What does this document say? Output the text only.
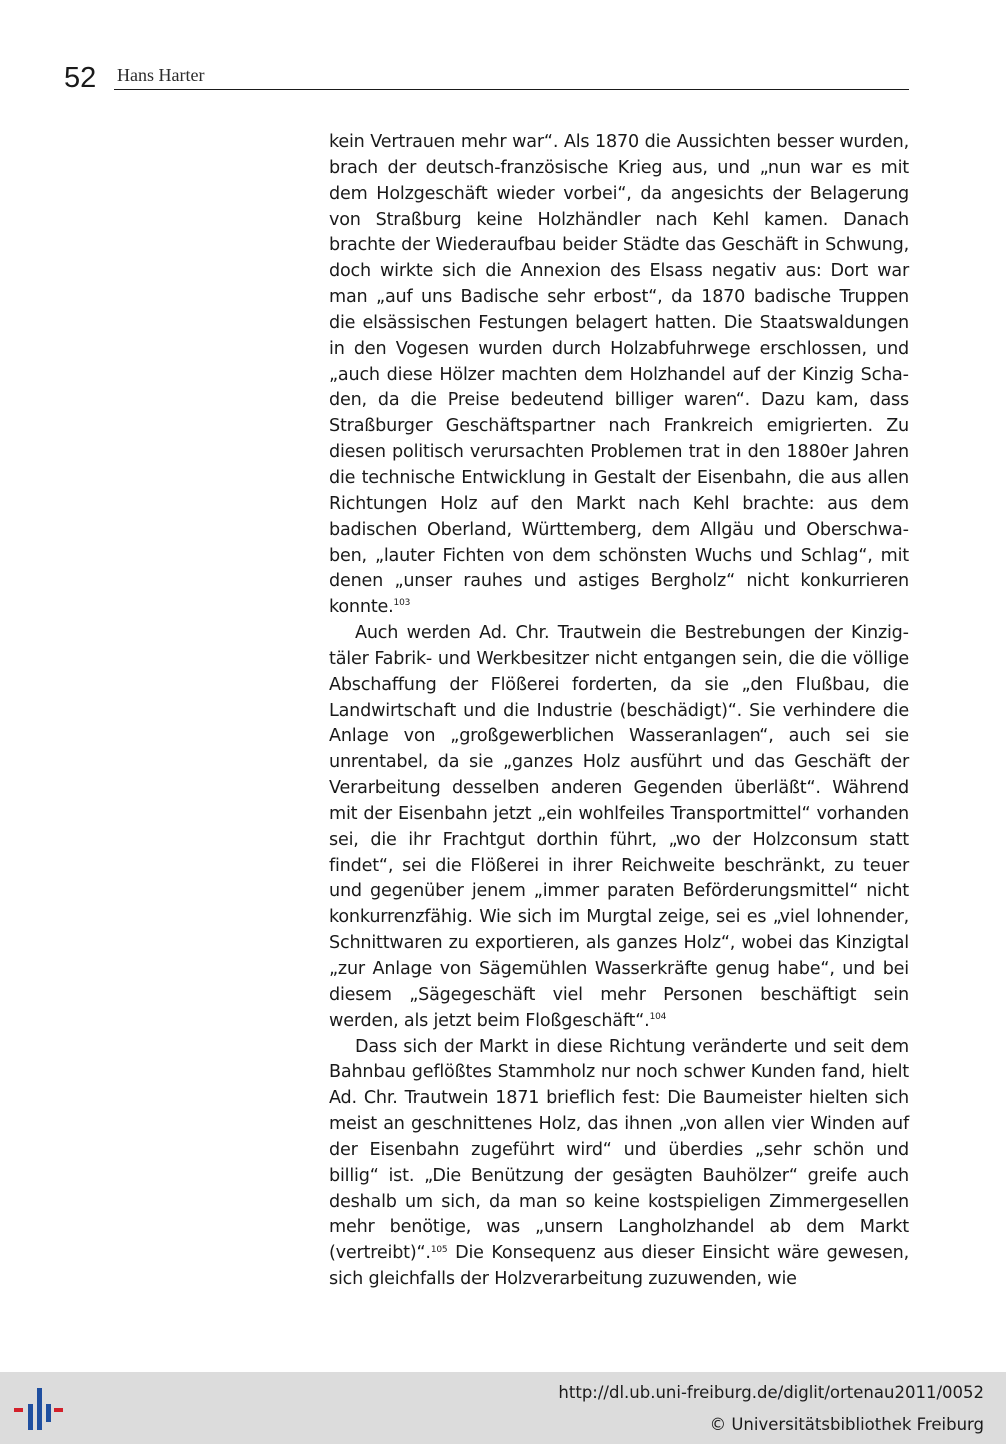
52 Hans Harter

kein Vertrauen mehr war“. Als 1870 die Aussichten besser wurden, brach der deutsch-französische Krieg aus, und „nun war es mit dem Holzgeschäft wieder vorbei“, da angesichts der Belagerung von Straßburg keine Holzhändler nach Kehl kamen. Danach brachte der Wiederaufbau beider Städte das Geschäft in Schwung, doch wirkte sich die Annexion des Elsass negativ aus: Dort war man „auf uns Badische sehr erbost“, da 1870 badische Truppen die elsässischen Festungen belagert hatten. Die Staatswaldungen in den Vogesen wurden durch Holzabfuhrwege erschlossen, und „auch diese Hölzer machten dem Holzhandel auf der Kinzig Schaden, da die Preise bedeutend billiger waren“. Dazu kam, dass Straßburger Geschäftspartner nach Frankreich emigrierten. Zu diesen politisch verursachten Problemen trat in den 1880er Jahren die technische Entwicklung in Gestalt der Eisenbahn, die aus allen Richtungen Holz auf den Markt nach Kehl brachte: aus dem badischen Oberland, Württemberg, dem Allgäu und Oberschwaben, „lauter Fichten von dem schönsten Wuchs und Schlag“, mit denen „unser rauhes und astiges Bergholz“ nicht konkurrieren konnte.$^{103}$

Auch werden Ad. Chr. Trautwein die Bestrebungen der Kinzigtäler Fabrik- und Werkbesitzer nicht entgangen sein, die die völlige Abschaffung der Flößerei forderten, da sie „den Flußbau, die Landwirtschaft und die Industrie (beschädigt)“. Sie verhindere die Anlage von „großgewerblichen Wasseranlagen“, auch sei sie unrentabel, da sie „ganzes Holz ausführt und das Geschäft der Verarbeitung desselben anderen Gegenden überläßt“. Während mit der Eisenbahn jetzt „ein wohlfeiles Transportmittel“ vorhanden sei, die ihr Frachtgut dorthin führt, „wo der Holzconsum statt findet“, sei die Flößerei in ihrer Reichweite beschränkt, zu teuer und gegenüber jenem „immer paraten Beförderungsmittel“ nicht konkurrenzfähig. Wie sich im Murgtal zeige, sei es „viel lohnender, Schnittwaren zu exportieren, als ganzes Holz“, wobei das Kinzigtal „zur Anlage von Sägemühlen Wasserkräfte genug habe“, und bei diesem „Sägegeschäft viel mehr Personen beschäftigt sein werden, als jetzt beim Floßgeschäft“.$^{104}$

Dass sich der Markt in diese Richtung veränderte und seit dem Bahnbau geflößtes Stammholz nur noch schwer Kunden fand, hielt Ad. Chr. Trautwein 1871 brieflich fest: Die Baumeister hielten sich meist an geschnittenes Holz, das ihnen „von allen vier Winden auf der Eisenbahn zugeführt wird“ und überdies „sehr schön und billig“ ist. „Die Benützung der gesägten Bauhölzer“ greife auch deshalb um sich, da man so keine kostspieligen Zimmergesellen mehr benötige, was „unsern Langholzhandel ab dem Markt (vertreibt)“.$^{105}$ Die Konsequenz aus dieser Einsicht wäre gewesen, sich gleichfalls der Holzverarbeitung zuzuwenden, wie

http://dl.ub.uni-freiburg.de/diglit/ortenau2011/0052
© Universitätsbibliothek Freiburg
